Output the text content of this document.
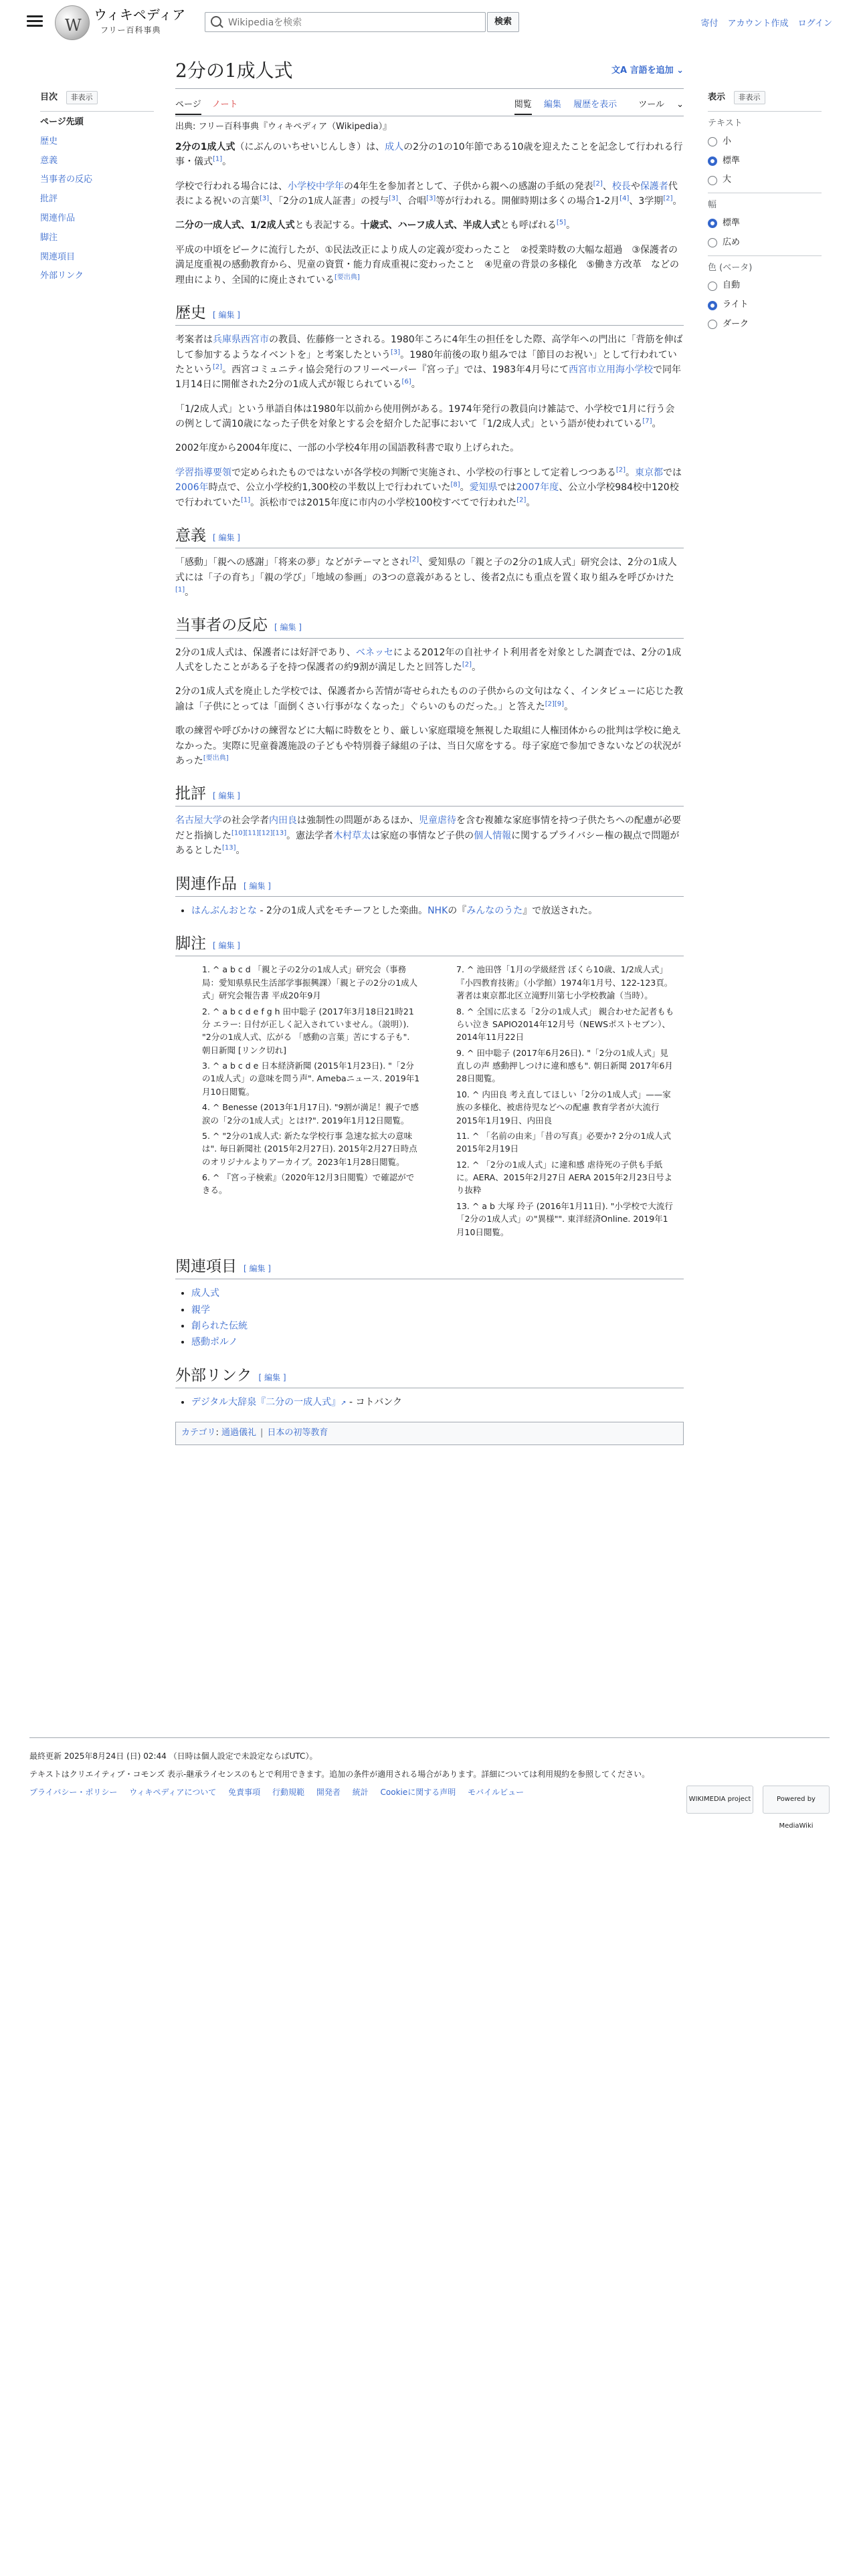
W
ウィキペディア
フリー百科事典
Wikipediaを検索
検索	寄付 アカウント作成 ログイン
目次 非表示
ページ先頭
歴史
意義
当事者の反応
批評
関連作品
脚注
関連項目
外部リンク
2分の1成人式	文A 言語を追加 ⌄
ページ ノート	閲覧 編集 履歴を表示 ツール ⌄
出典: フリー百科事典『ウィキペディア（Wikipedia）』

2分の1成人式（にぶんのいちせいじんしき）は、成人の2分の1の10年節である10歳を迎えたことを記念して行われる行事・儀式[1]。

学校で行われる場合には、小学校中学年の4年生を参加者として、子供から親への感謝の手紙の発表[2]、校長や保護者代表による祝いの言葉[3]、「2分の1成人証書」の授与[3]、合唱[3]等が行われる。開催時期は多くの場合1-2月[4]、3学期[2]。

二分の一成人式、1/2成人式とも表記する。十歳式、ハーフ成人式、半成人式とも呼ばれる[5]。

平成の中頃をピークに流行したが、①民法改正により成人の定義が変わったこと　②授業時数の大幅な超過　③保護者の満足度重視の感動教育から、児童の資質・能力育成重視に変わったこと　④児童の背景の多様化　⑤働き方改革　などの理由により、全国的に廃止されている[要出典]

歴史 [ 編集 ]

考案者は兵庫県西宮市の教員、佐藤修一とされる。1980年ころに4年生の担任をした際、高学年への門出に「背筋を伸ばして参加するようなイベントを」と考案したという[3]。1980年前後の取り組みでは「節目のお祝い」として行われていたという[2]。西宮コミュニティ協会発行のフリーペーパー『宮っ子』では、1983年4月号にて西宮市立用海小学校で同年1月14日に開催された2分の1成人式が報じられている[6]。

「1/2成人式」という単語自体は1980年以前から使用例がある。1974年発行の教員向け雑誌で、小学校で1月に行う会の例として満10歳になった子供を対象とする会を紹介した記事において「1/2成人式」という語が使われている[7]。

2002年度から2004年度に、一部の小学校4年用の国語教科書で取り上げられた。

学習指導要領で定められたものではないが各学校の判断で実施され、小学校の行事として定着しつつある[2]。東京都では2006年時点で、公立小学校約1,300校の半数以上で行われていた[8]。愛知県では2007年度、公立小学校984校中120校で行われていた[1]。浜松市では2015年度に市内の小学校100校すべてで行われた[2]。

意義 [ 編集 ]

「感動」「親への感謝」「将来の夢」などがテーマとされ[2]、愛知県の「親と子の2分の1成人式」研究会は、2分の1成人式には「子の育ち」「親の学び」「地域の参画」の3つの意義があるとし、後者2点にも重点を置く取り組みを呼びかけた[1]。

当事者の反応 [ 編集 ]

2分の1成人式は、保護者には好評であり、ベネッセによる2012年の自社サイト利用者を対象とした調査では、2分の1成人式をしたことがある子を持つ保護者の約9割が満足したと回答した[2]。

2分の1成人式を廃止した学校では、保護者から苦情が寄せられたものの子供からの文句はなく、インタビューに応じた教諭は「子供にとっては「面倒くさい行事がなくなった」ぐらいのものだった。」と答えた[2][9]。

歌の練習や呼びかけの練習などに大幅に時数をとり、厳しい家庭環境を無視した取組に人権団体からの批判は学校に絶えなかった。実際に児童養護施設の子どもや特別養子縁組の子は、当日欠席をする。母子家庭で参加できないなどの状況があった[要出典]

批評 [ 編集 ]

名古屋大学の社会学者内田良は強制性の問題があるほか、児童虐待を含む複雑な家庭事情を持つ子供たちへの配慮が必要だと指摘した[10][11][12][13]。憲法学者木村草太は家庭の事情など子供の個人情報に関するプライバシー権の観点で問題があるとした[13]。

関連作品 [ 編集 ]
• はんぶんおとな - 2分の1成人式をモチーフとした楽曲。NHKの『みんなのうた』で放送された。
脚注 [ 編集 ]
1. ^ a b c d 「親と子の2分の1成人式」研究会（事務局：愛知県県民生活部学事振興課）「親と子の2分の1成人式」研究会報告書 平成20年9月
2. ^ a b c d e f g h 田中聡子 (2017年3月18日21時21分 エラー: 日付が正しく記入されていません。（説明）). "2分の1成人式、広がる 「感動の言葉」苦にする子も". 朝日新聞 [リンク切れ]
3. ^ a b c d e 日本経済新聞 (2015年1月23日). "「2分の1成人式」の意味を問う声". Amebaニュース. 2019年1月10日閲覧。
4. ^ Benesse (2013年1月17日). "9割が満足！親子で感涙の「2分の1成人式」とは!?". 2019年1月12日閲覧。
5. ^ "2分の1成人式: 新たな学校行事 急速な拡大の意味は". 毎日新聞社 (2015年2月27日). 2015年2月27日時点のオリジナルよりアーカイブ。2023年1月28日閲覧。
6. ^ 『宮っ子検索』（2020年12月3日閲覧）で確認ができる。
7. ^ 池田啓「1月の学級経営 ぼくら10歳、1/2成人式」『小四教育技術』（小学館）1974年1月号、122-123頁。著者は東京都北区立滝野川第七小学校教諭（当時）。
8. ^ 全国に広まる「2分の1成人式」 親合わせた記者ももらい泣き SAPIO2014年12月号（NEWSポストセブン）、2014年11月22日
9. ^ 田中聡子 (2017年6月26日). "「2分の1成人式」見直しの声 感動押しつけに違和感も". 朝日新聞 2017年6月28日閲覧。
10. ^ 内田良 考え直してほしい「2分の1成人式」——家族の多様化、被虐待児などへの配慮 教育学者が大流行 2015年1月19日、内田良
11. ^ 「名前の由来」「昔の写真」必要か? 2分の1成人式 2015年2月19日
12. ^ 「2分の1成人式」に違和感 虐待死の子供も手紙に。AERA、2015年2月27日 AERA 2015年2月23日号より抜粋
13. ^ a b 大塚 玲子 (2016年1月11日). "小学校で大流行「2分の1成人式」の"異様"". 東洋経済Online. 2019年1月10日閲覧。
関連項目 [ 編集 ]
• 成人式
• 親学
• 創られた伝統
• 感動ポルノ
外部リンク [ 編集 ]
• デジタル大辞泉『二分の一成人式』↗ - コトバンク
カテゴリ: 通過儀礼 | 日本の初等教育
表示 非表示
テキスト
小
標準
大
幅
標準
広め
色 (ベータ)
自動
ライト
ダーク

最終更新 2025年8月24日 (日) 02:44 （日時は個人設定で未設定ならばUTC）。

テキストはクリエイティブ・コモンズ 表示-継承ライセンスのもとで利用できます。追加の条件が適用される場合があります。詳細については利用規約を参照してください。

プライバシー・ポリシー ウィキペディアについて 免責事項 行動規範 開発者 統計 Cookieに関する声明 モバイルビュー

WIKIMEDIA project	Powered by MediaWiki
